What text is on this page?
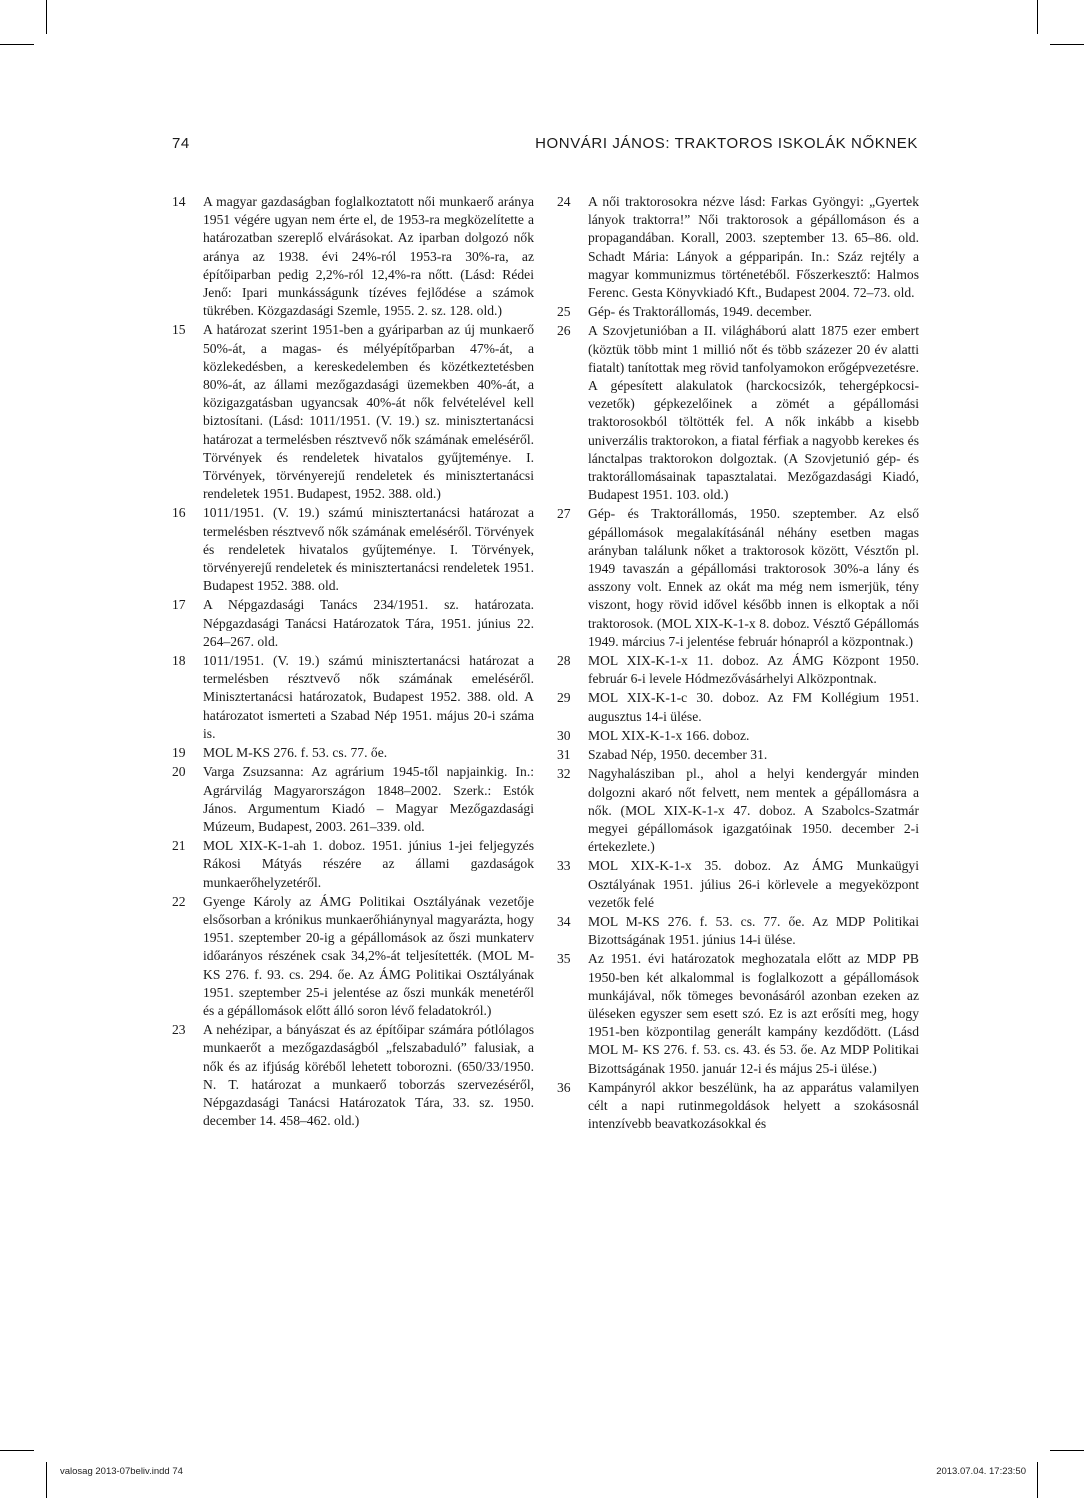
74	HONVÁRI JÁNOS: TRAKTOROS ISKOLÁK NŐKNEK
14	A magyar gazdaságban foglalkoztatott női munkaerő aránya 1951 végére ugyan nem érte el, de 1953-ra megközelítette a határozatban szereplő elvárásokat. Az iparban dolgozó nők aránya az 1938. évi 24%-ról 1953-ra 30%-ra, az építőiparban pedig 2,2%-ról 12,4%-ra nőtt. (Lásd: Rédei Jenő: Ipari munkásságunk tízéves fejlődése a számok tükrében. Közgazdasági Szemle, 1955. 2. sz. 128. old.)
15	A határozat szerint 1951-ben a gyáriparban az új munkaerő 50%-át, a magas- és mélyépítőparban 47%-át, a közlekedésben, a kereskedelemben és közétkeztetésben 80%-át, az állami mezőgazdasági üzemekben 40%-át, a közigazgatásban ugyancsak 40%-át nők felvételével kell biztosítani. (Lásd: 1011/1951. (V. 19.) sz. minisztertanácsi határozat a termelésben résztvevő nők számának emeléséről. Törvények és rendeletek hivatalos gyűjteménye. I. Törvények, törvényerejű rendeletek és minisztertanácsi rendeletek 1951. Budapest, 1952. 388. old.)
16	1011/1951. (V. 19.) számú minisztertanácsi határozat a termelésben résztvevő nők számának emeléséről. Törvények és rendeletek hivatalos gyűjteménye. I. Törvények, törvényerejű rendeletek és minisztertanácsi rendeletek 1951. Budapest 1952. 388. old.
17	A Népgazdasági Tanács 234/1951. sz. határozata. Népgazdasági Tanácsi Határozatok Tára, 1951. június 22. 264–267. old.
18	1011/1951. (V. 19.) számú minisztertanácsi határozat a termelésben résztvevő nők számának emeléséről. Minisztertanácsi határozatok, Budapest 1952. 388. old. A határozatot ismerteti a Szabad Nép 1951. május 20-i száma is.
19	MOL M-KS 276. f. 53. cs. 77. őe.
20	Varga Zsuzsanna: Az agrárium 1945-től napjainkig. In.: Agrárvilág Magyarországon 1848–2002. Szerk.: Estók János. Argumentum Kiadó – Magyar Mezőgazdasági Múzeum, Budapest, 2003. 261–339. old.
21	MOL XIX-K-1-ah 1. doboz. 1951. június 1-jei feljegyzés Rákosi Mátyás részére az állami gazdaságok munkaerőhelyzetéről.
22	Gyenge Károly az ÁMG Politikai Osztályának vezetője elsősorban a krónikus munkaerőhiánynyal magyarázta, hogy 1951. szeptember 20-ig a gépállomások az őszi munkaterv időarányos részének csak 34,2%-át teljesítették. (MOL M-KS 276. f. 93. cs. 294. őe. Az ÁMG Politikai Osztályának 1951. szeptember 25-i jelentése az őszi munkák menetéről és a gépállomások előtt álló soron lévő feladatokról.)
23	A nehézipar, a bányászat és az építőipar számára pótlólagos munkaerőt a mezőgazdaságból „felszabaduló” falusiak, a nők és az ifjúság köréből lehetett toborozni. (650/33/1950. N. T. határozat a munkaerő toborzás szervezéséről, Népgazdasági Tanácsi Határozatok Tára, 33. sz. 1950. december 14. 458–462. old.)
24	A női traktorosokra nézve lásd: Farkas Gyöngyi: „Gyertek lányok traktorra!” Női traktorosok a gépállomáson és a propagandában. Korall, 2003. szeptember 13. 65–86. old. Schadt Mária: Lányok a gépparipán. In.: Száz rejtély a magyar kommunizmus történetéből. Főszerkesztő: Halmos Ferenc. Gesta Könyvkiadó Kft., Budapest 2004. 72–73. old.
25	Gép- és Traktorállomás, 1949. december.
26	A Szovjetunióban a II. világháború alatt 1875 ezer embert (köztük több mint 1 millió nőt és több százezer 20 év alatti fiatalt) tanítottak meg rövid tanfolyamokon erőgépvezetésre. A gépesített alakulatok (harckocsizók, tehergépkocsi-vezetők) gépkezelőinek a zömét a gépállomási traktorosokból töltötték fel. A nők inkább a kisebb univerzális traktorokon, a fiatal férfiak a nagyobb kerekes és lánctalpas traktorokon dolgoztak. (A Szovjetunió gép- és traktorállomásainak tapasztalatai. Mezőgazdasági Kiadó, Budapest 1951. 103. old.)
27	Gép- és Traktorállomás, 1950. szeptember. Az első gépállomások megalakításánál néhány esetben magas arányban találunk nőket a traktorosok között, Vésztőn pl. 1949 tavaszán a gépállomási traktorosok 30%-a lány és asszony volt. Ennek az okát ma még nem ismerjük, tény viszont, hogy rövid idővel később innen is elkoptak a női traktorosok. (MOL XIX-K-1-x 8. doboz. Vésztő Gépállomás 1949. március 7-i jelentése február hónapról a központnak.)
28	MOL XIX-K-1-x 11. doboz. Az ÁMG Központ 1950. február 6-i levele Hódmezővásárhelyi Alközpontnak.
29	MOL XIX-K-1-c 30. doboz. Az FM Kollégium 1951. augusztus 14-i ülése.
30	MOL XIX-K-1-x 166. doboz.
31	Szabad Nép, 1950. december 31.
32	Nagyhalásziban pl., ahol a helyi kendergyár minden dolgozni akaró nőt felvett, nem mentek a gépállomásra a nők. (MOL XIX-K-1-x 47. doboz. A Szabolcs-Szatmár megyei gépállomások igazgatóinak 1950. december 2-i értekezlete.)
33	MOL XIX-K-1-x 35. doboz. Az ÁMG Munkaügyi Osztályának 1951. július 26-i körlevele a megyeközpont vezetők felé
34	MOL M-KS 276. f. 53. cs. 77. őe. Az MDP Politikai Bizottságának 1951. június 14-i ülése.
35	Az 1951. évi határozatok meghozatala előtt az MDP PB 1950-ben két alkalommal is foglalkozott a gépállomások munkájával, nők tömeges bevonásáról azonban ezeken az üléseken egyszer sem esett szó. Ez is azt erősíti meg, hogy 1951-ben központilag generált kampány kezdődött. (Lásd MOL M- KS 276. f. 53. cs. 43. és 53. őe. Az MDP Politikai Bizottságának 1950. január 12-i és május 25-i ülése.)
36	Kampányról akkor beszélünk, ha az apparátus valamilyen célt a napi rutinmegoldások helyett a szokásosnál intenzívebb beavatkozásokkal és
valosag 2013-07beliv.indd 74	2013.07.04. 17:23:50
